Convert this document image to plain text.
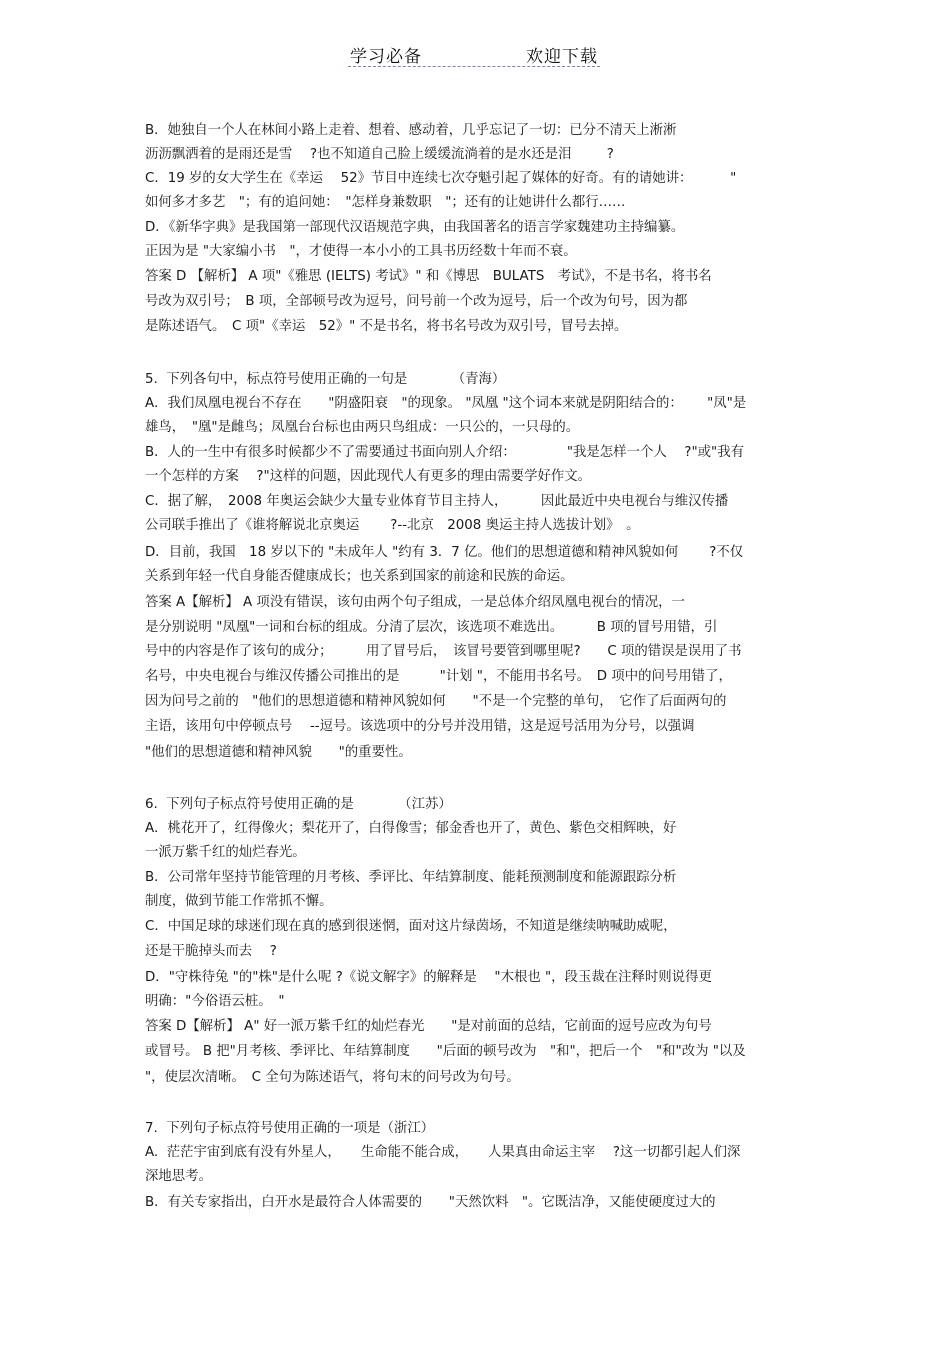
学习必备	欢迎下载
B．她独自一个人在林间小路上走着、想着、感动着，几乎忘记了一切：已分不清天上淅淅
沥沥飘洒着的是雨还是雪　 ?也不知道自己脸上缓缓流淌着的是水还是泪　 　 ?
C．19 岁的女大学生在《幸运　 52》节目中连续七次夺魁引起了媒体的好奇。有的请她讲：　　　 "
如何多才多艺　"；有的追问她：　"怎样身兼数职　"；还有的让她讲什么都行……
D．《新华字典》是我国第一部现代汉语规范字典，由我国著名的语言学家魏建功主持编纂。
正因为是 "大家编小书　"，才使得一本小小的工具书历经数十年而不衰。
答案 D 【解析】 A 项"《雅思 (IELTS) 考试》" 和《博思　BULATS　考试》，不是书名，将书名
号改为双引号；　B 项，全部顿号改为逗号，问号前一个改为逗号，后一个改为句号，因为都
是陈述语气。　C 项"《幸运　52》" 不是书名，将书名号改为双引号，冒号去掉。
5.  下列各句中，标点符号使用正确的一句是　　　 （青海）
A．我们凤凰电视台不存在　　"阴盛阳衰　"的现象。 "凤凰 "这个词本来就是阴阳结合的：　　 "凤"是
雄鸟，　"凰"是雌鸟；凤凰台台标也由两只鸟组成：一只公的，一只母的。
B．人的一生中有很多时候都少不了需要通过书面向别人介绍：　　　　 "我是怎样一个人　 ?"或"我有
一个怎样的方案　 ?"这样的问题，因此现代人有更多的理由需要学好作文。
C．据了解，　2008 年奥运会缺少大量专业体育节目主持人，　　　因此最近中央电视台与维汉传播
公司联手推出了《谁将解说北京奥运　　 ?--北京　2008 奥运主持人选拔计划》　。
D．目前，我国　18 岁以下的 "未成年人 "约有 3．7 亿。他们的思想道德和精神风貌如何　　 ?不仅
关系到年轻一代自身能否健康成长；也关系到国家的前途和民族的命运。
答案 A【解析】 A 项没有错误，该句由两个句子组成，一是总体介绍凤凰电视台的情况，一
是分别说明 "凤凰"一词和台标的组成。分清了层次，该选项不难选出。　　　B 项的冒号用错，引
号中的内容是作了该句的成分；　　　用了冒号后，　该冒号要管到哪里呢?　　C 项的错误是误用了书
名号，中央电视台与维汉传播公司推出的是　　　"计划 "，不能用书名号。　D 项中的问号用错了，
因为问号之前的　"他们的思想道德和精神风貌如何　　"不是一个完整的单句，　它作了后面两句的
主语，该用句中停顿点号　 --逗号。该选项中的分号并没用错，这是逗号活用为分号，以强调
"他们的思想道德和精神风貌　　"的重要性。
6.  下列句子标点符号使用正确的是　　　 （江苏）
A．桃花开了，红得像火；梨花开了，白得像雪；郁金香也开了，黄色、紫色交相辉映，好
一派万紫千红的灿烂春光。
B．公司常年坚持节能管理的月考核、季评比、年结算制度、能耗预测制度和能源跟踪分析
制度，做到节能工作常抓不懈。
C．中国足球的球迷们现在真的感到很迷惘，面对这片绿茵场，不知道是继续呐喊助威呢，
还是干脆掉头而去　 ?
D．"守株待兔 "的"株"是什么呢 ?《说文解字》的解释是　 "木根也 "，段玉裁在注释时则说得更
明确："今俗语云桩。　"
答案 D【解析】 A" 好一派万紫千红的灿烂春光　　"是对前面的总结，它前面的逗号应改为句号
或冒号。 B 把"月考核、季评比、年结算制度　　"后面的顿号改为　"和"，把后一个　"和"改为 "以及
"，使层次清晰。　C 全句为陈述语气，将句末的问号改为句号。
7.  下列句子标点符号使用正确的一项是（浙江）
A.  茫茫宇宙到底有没有外星人，　　生命能不能合成，　　人果真由命运主宰　 ?这一切都引起人们深
深地思考。
B．有关专家指出，白开水是最符合人体需要的　　"天然饮料　"。它既洁净，又能使硬度过大的
